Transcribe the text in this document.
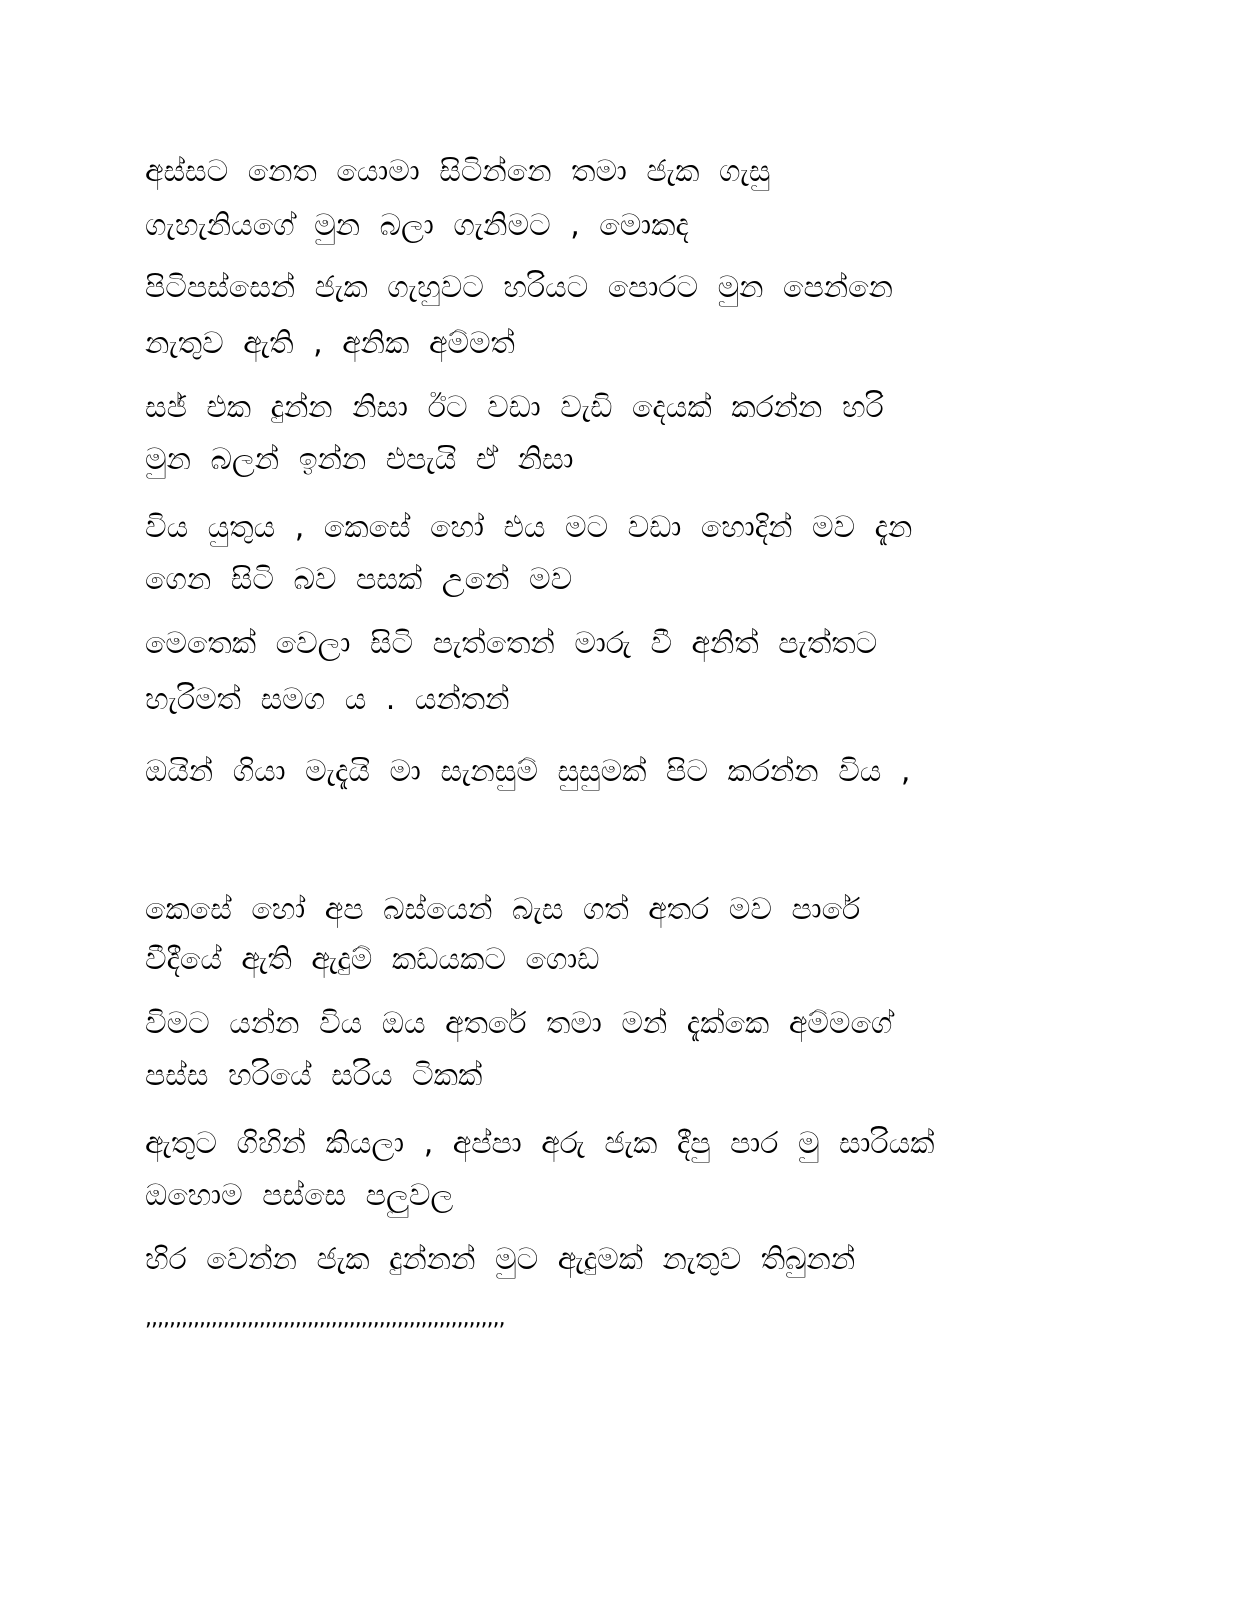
අස්සට නෙත යොමා සිටින්නෙ තමා ජැක ගැසු

ගැහැනියගේ මුන බලා ගැනිමට , මොකද

පිටිපස්සෙන් ජැක ගැහුවට හරියට පොරට මුන පෙන්නෙ

නැතුව ඇති , අනික අම්මත්

සජ් එක දුන්න නිසා ඊට වඩා වැඩි දෙයක් කරන්න හරි

මුන බලන් ඉන්න එපැයි ඒ නිසා

විය යුතුය , කෙසේ හෝ එය මට වඩා හොදින් මව දැන

ගෙන සිටි බව පසක් උනේ මව

මෙතෙක් වෙලා සිටි පැත්තෙන් මාරු වී අනිත් පැත්තට

හැරිමත් සමග ය . යන්තන්

ඔයින් ගියා මැදැයි මා සැනසුම් සුසුමක් පිට කරන්න විය ,

කෙසේ හෝ අප බස්යෙන් බැස ගත් අතර මව පාරේ

වීදීයේ ඇති ඇදුම් කඩයකට ගොඩ

විමට යන්න විය ඔය අතරේ තමා මන් දැක්කෙ අම්මගේ

පස්ස හරියේ සරිය ටිකක්

ඇතුට ගිහින් කියලා , අප්පා අරු ජැක දීපු පාර මු සාරියක්

ඔහොම පස්සෙ පලුවල

හිර වෙන්න ජැක දුන්නන් මුට ඇදුමක් නැතුව තිබුනන්

,,,,,,,,,,,,,,,,,,,,,,,,,,,,,,,,,,,,,,,,,,,,,,,,,,,,,,,,,,,,
